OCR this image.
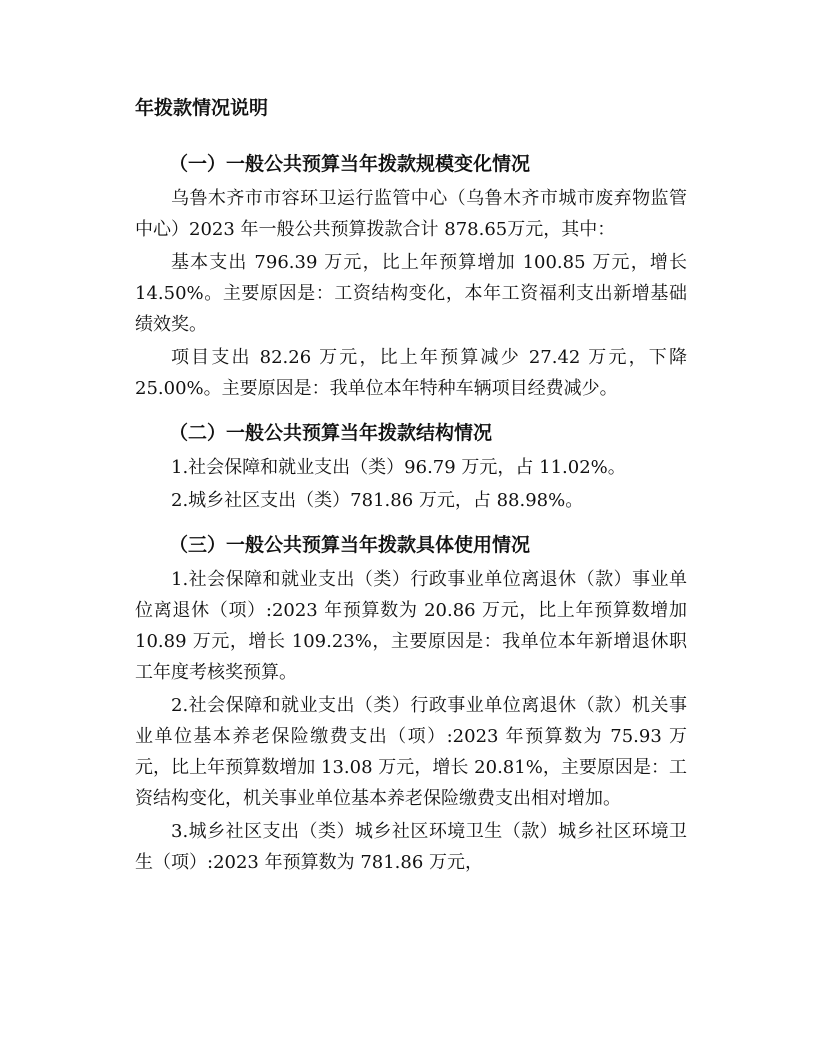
年拨款情况说明
（一）一般公共预算当年拨款规模变化情况

乌鲁木齐市市容环卫运行监管中心（乌鲁木齐市城市废弃物监管中心）2023 年一般公共预算拨款合计 878.65万元，其中：

基本支出 796.39 万元，比上年预算增加 100.85 万元，增长 14.50%。主要原因是：工资结构变化，本年工资福利支出新增基础绩效奖。

项目支出 82.26 万元，比上年预算减少 27.42 万元，下降 25.00%。主要原因是：我单位本年特种车辆项目经费减少。

（二）一般公共预算当年拨款结构情况

1.社会保障和就业支出（类）96.79 万元，占 11.02%。

2.城乡社区支出（类）781.86 万元，占 88.98%。

（三）一般公共预算当年拨款具体使用情况

1.社会保障和就业支出（类）行政事业单位离退休（款）事业单位离退休（项）:2023 年预算数为 20.86 万元，比上年预算数增加 10.89 万元，增长 109.23%，主要原因是：我单位本年新增退休职工年度考核奖预算。

2.社会保障和就业支出（类）行政事业单位离退休（款）机关事业单位基本养老保险缴费支出（项）:2023 年预算数为 75.93 万元，比上年预算数增加 13.08 万元，增长 20.81%，主要原因是：工资结构变化，机关事业单位基本养老保险缴费支出相对增加。

3.城乡社区支出（类）城乡社区环境卫生（款）城乡社区环境卫生（项）:2023 年预算数为 781.86 万元，
